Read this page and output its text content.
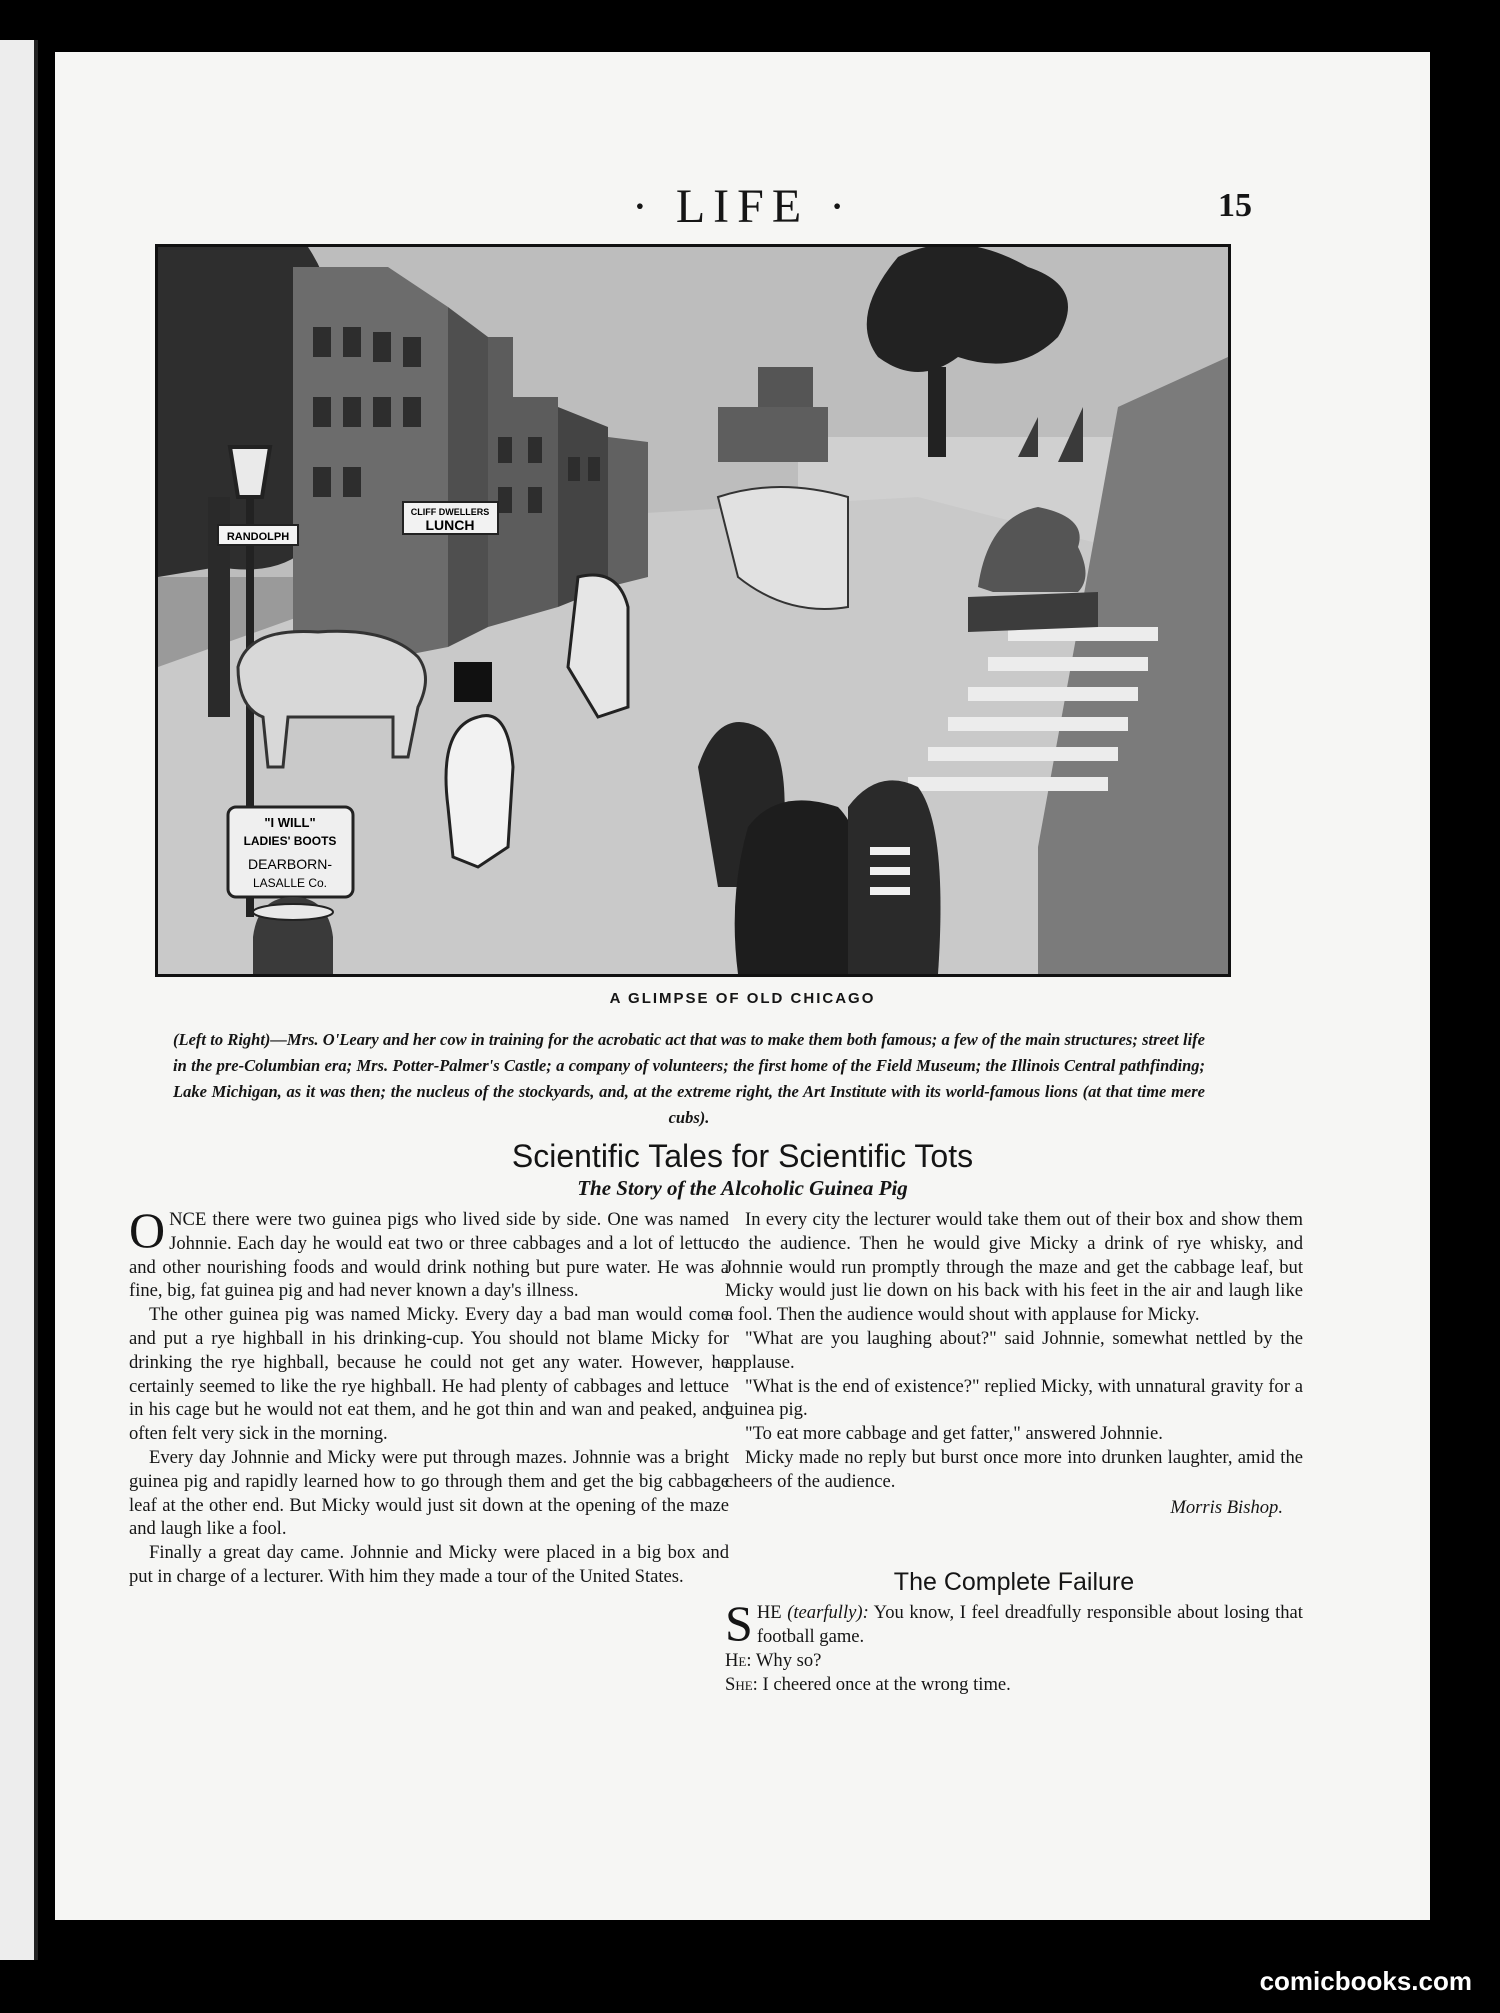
· LIFE ·	15
RANDOLPH
CLIFF DWELLERS
LUNCH
"I WILL"
LADIES' BOOTS
DEARBORN-
LASALLE Co.
A GLIMPSE OF OLD CHICAGO
(Left to Right)—Mrs. O'Leary and her cow in training for the acrobatic act that was to make them both famous; a few of the main structures; street life in the pre-Columbian era; Mrs. Potter-Palmer's Castle; a company of volunteers; the first home of the Field Museum; the Illinois Central pathfinding; Lake Michigan, as it was then; the nucleus of the stockyards, and, at the extreme right, the Art Institute with its world-famous lions (at that time mere cubs).
Scientific Tales for Scientific Tots
The Story of the Alcoholic Guinea Pig

ONCE there were two guinea pigs who lived side by side. One was named Johnnie. Each day he would eat two or three cabbages and a lot of lettuce and other nourishing foods and would drink nothing but pure water. He was a fine, big, fat guinea pig and had never known a day's illness.

The other guinea pig was named Micky. Every day a bad man would come and put a rye highball in his drinking-cup. You should not blame Micky for drinking the rye highball, because he could not get any water. However, he certainly seemed to like the rye highball. He had plenty of cabbages and lettuce in his cage but he would not eat them, and he got thin and wan and peaked, and often felt very sick in the morning.

Every day Johnnie and Micky were put through mazes. Johnnie was a bright guinea pig and rapidly learned how to go through them and get the big cabbage leaf at the other end. But Micky would just sit down at the opening of the maze and laugh like a fool.

Finally a great day came. Johnnie and Micky were placed in a big box and put in charge of a lecturer. With him they made a tour of the United States.

In every city the lecturer would take them out of their box and show them to the audience. Then he would give Micky a drink of rye whisky, and Johnnie would run promptly through the maze and get the cabbage leaf, but Micky would just lie down on his back with his feet in the air and laugh like a fool. Then the audience would shout with applause for Micky.

"What are you laughing about?" said Johnnie, somewhat nettled by the applause.

"What is the end of existence?" replied Micky, with unnatural gravity for a guinea pig.

"To eat more cabbage and get fatter," answered Johnnie.

Micky made no reply but burst once more into drunken laughter, amid the cheers of the audience.

Morris Bishop.
The Complete Failure

SHE (tearfully): You know, I feel dreadfully responsible about losing that football game.

He: Why so?

She: I cheered once at the wrong time.

comicbooks.com
